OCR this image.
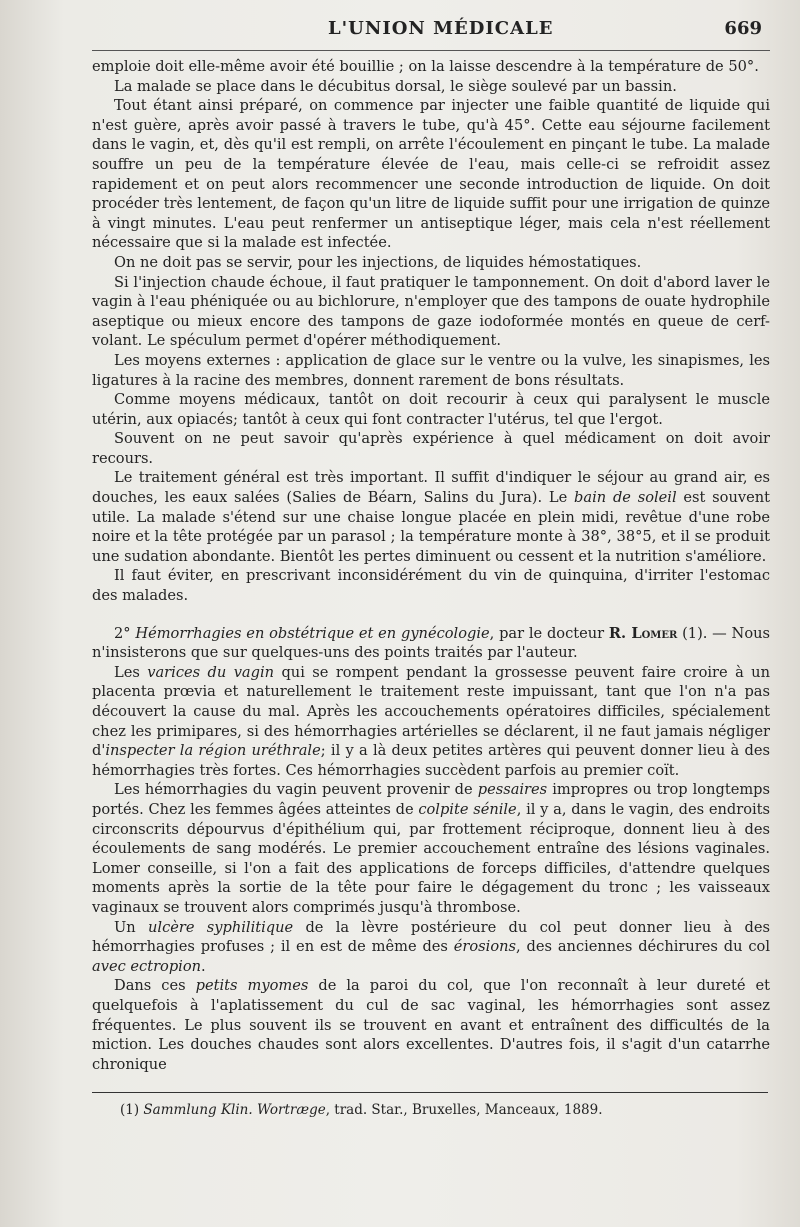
L'UNION MÉDICALE	669

emploie doit elle-même avoir été bouillie ; on la laisse descendre à la température de 50°.

La malade se place dans le décubitus dorsal, le siège soulevé par un bassin.

Tout étant ainsi préparé, on commence par injecter une faible quantité de liquide qui n'est guère, après avoir passé à travers le tube, qu'à 45°. Cette eau séjourne facilement dans le vagin, et, dès qu'il est rempli, on arrête l'écoulement en pinçant le tube. La malade souffre un peu de la température élevée de l'eau, mais celle-ci se refroidit assez rapidement et on peut alors recommencer une seconde introduction de liquide. On doit procéder très lentement, de façon qu'un litre de liquide suffit pour une irrigation de quinze à vingt minutes. L'eau peut renfermer un antiseptique léger, mais cela n'est réellement nécessaire que si la malade est infectée.

On ne doit pas se servir, pour les injections, de liquides hémostatiques.

Si l'injection chaude échoue, il faut pratiquer le tamponnement. On doit d'abord laver le vagin à l'eau phéniquée ou au bichlorure, n'employer que des tampons de ouate hydrophile aseptique ou mieux encore des tampons de gaze iodoformée montés en queue de cerf-volant. Le spéculum permet d'opérer méthodiquement.

Les moyens externes : application de glace sur le ventre ou la vulve, les sinapismes, les ligatures à la racine des membres, donnent rarement de bons résultats.

Comme moyens médicaux, tantôt on doit recourir à ceux qui paralysent le muscle utérin, aux opiacés; tantôt à ceux qui font contracter l'utérus, tel que l'ergot.

Souvent on ne peut savoir qu'après expérience à quel médicament on doit avoir recours.

Le traitement général est très important. Il suffit d'indiquer le séjour au grand air, es douches, les eaux salées (Salies de Béarn, Salins du Jura). Le bain de soleil est souvent utile. La malade s'étend sur une chaise longue placée en plein midi, revêtue d'une robe noire et la tête protégée par un parasol ; la température monte à 38°, 38°5, et il se produit une sudation abondante. Bientôt les pertes diminuent ou cessent et la nutrition s'améliore.

Il faut éviter, en prescrivant inconsidérément du vin de quinquina, d'irriter l'estomac des malades.

2° Hémorrhagies en obstétrique et en gynécologie, par le docteur R. Lomer (1). — Nous n'insisterons que sur quelques-uns des points traités par l'auteur.

Les varices du vagin qui se rompent pendant la grossesse peuvent faire croire à un placenta prœvia et naturellement le traitement reste impuissant, tant que l'on n'a pas découvert la cause du mal. Après les accouchements opératoires difficiles, spécialement chez les primipares, si des hémorrhagies artérielles se déclarent, il ne faut jamais négliger d'inspecter la région uréthrale; il y a là deux petites artères qui peuvent donner lieu à des hémorrhagies très fortes. Ces hémorrhagies succèdent parfois au premier coït.

Les hémorrhagies du vagin peuvent provenir de pessaires impropres ou trop longtemps portés. Chez les femmes âgées atteintes de colpite sénile, il y a, dans le vagin, des endroits circonscrits dépourvus d'épithélium qui, par frottement réciproque, donnent lieu à des écoulements de sang modérés. Le premier accouchement entraîne des lésions vaginales. Lomer conseille, si l'on a fait des applications de forceps difficiles, d'attendre quelques moments après la sortie de la tête pour faire le dégagement du tronc ; les vaisseaux vaginaux se trouvent alors comprimés jusqu'à thrombose.

Un ulcère syphilitique de la lèvre postérieure du col peut donner lieu à des hémorrhagies profuses ; il en est de même des érosions, des anciennes déchirures du col avec ectropion.

Dans ces petits myomes de la paroi du col, que l'on reconnaît à leur dureté et quelquefois à l'aplatissement du cul de sac vaginal, les hémorrhagies sont assez fréquentes. Le plus souvent ils se trouvent en avant et entraînent des difficultés de la miction. Les douches chaudes sont alors excellentes. D'autres fois, il s'agit d'un catarrhe chronique

(1) Sammlung Klin. Wortræge, trad. Star., Bruxelles, Manceaux, 1889.
